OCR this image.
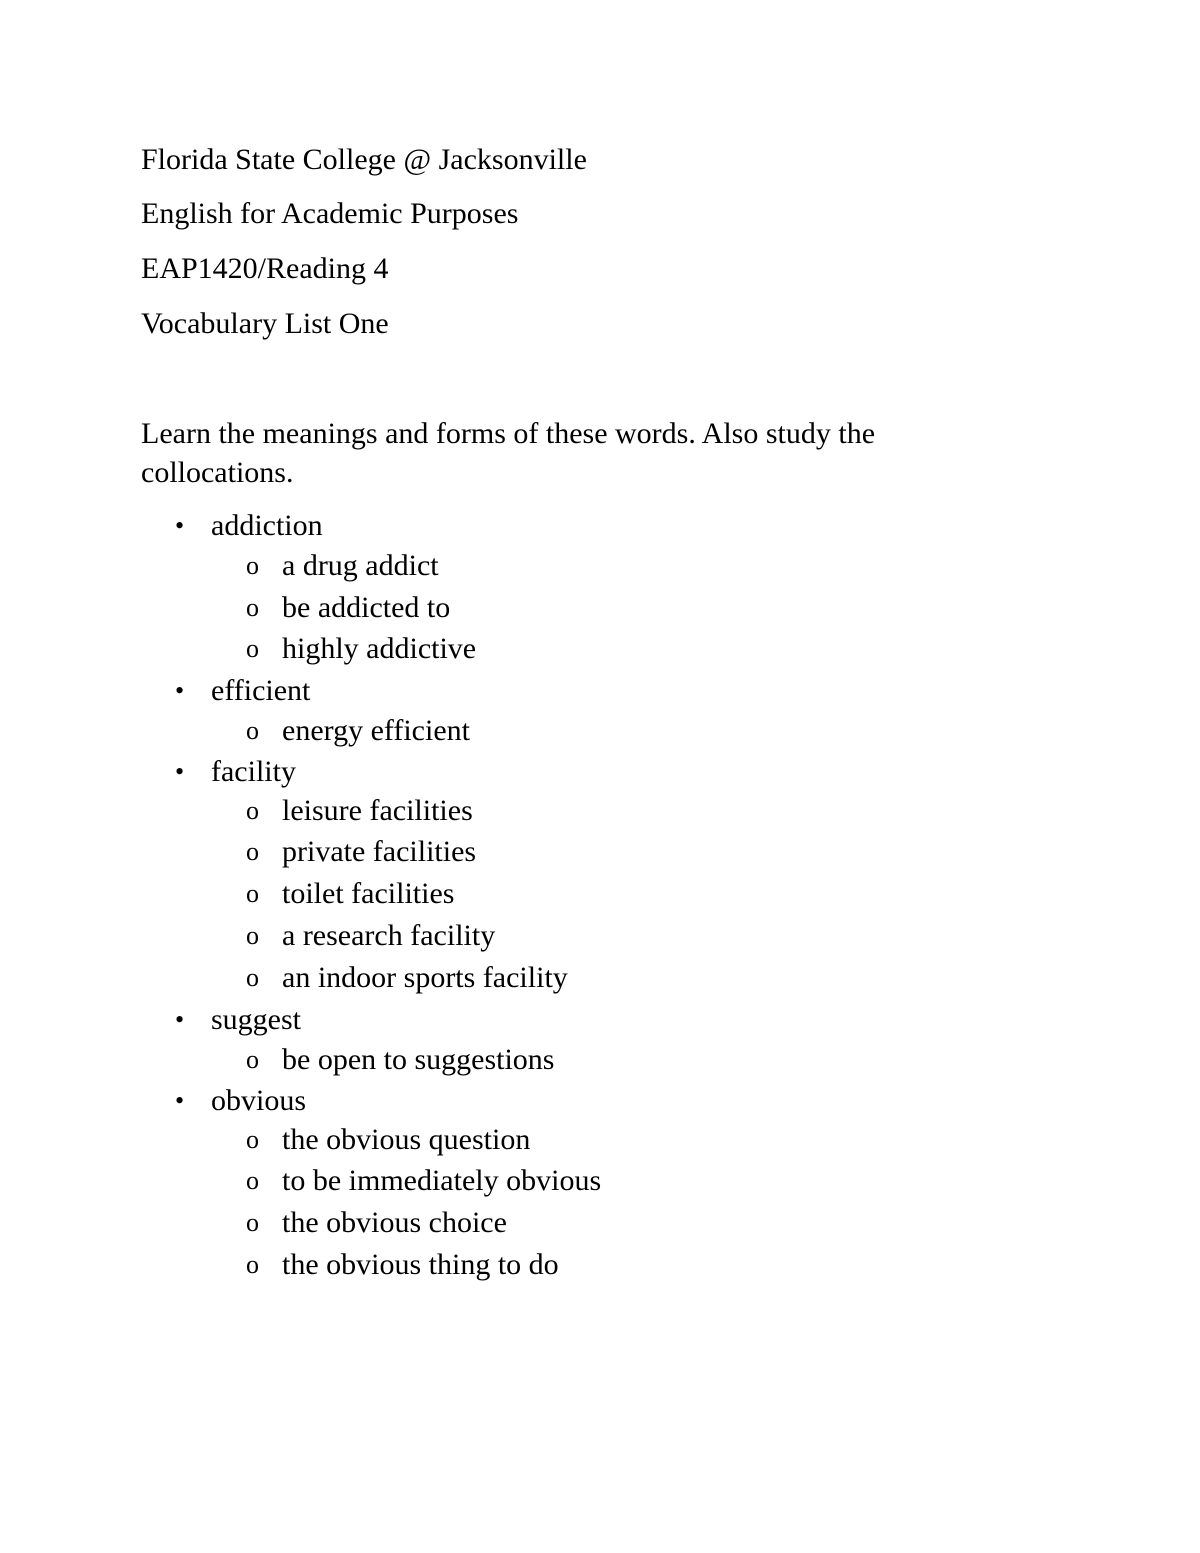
Florida State College @ Jacksonville
English for Academic Purposes
EAP1420/Reading 4
Vocabulary List One
Learn the meanings and forms of these words. Also study the collocations.
• addiction
o a drug addict
o be addicted to
o highly addictive
• efficient
o energy efficient
• facility
o leisure facilities
o private facilities
o toilet facilities
o a research facility
o an indoor sports facility
• suggest
o be open to suggestions
• obvious
o the obvious question
o to be immediately obvious
o the obvious choice
o the obvious thing to do
